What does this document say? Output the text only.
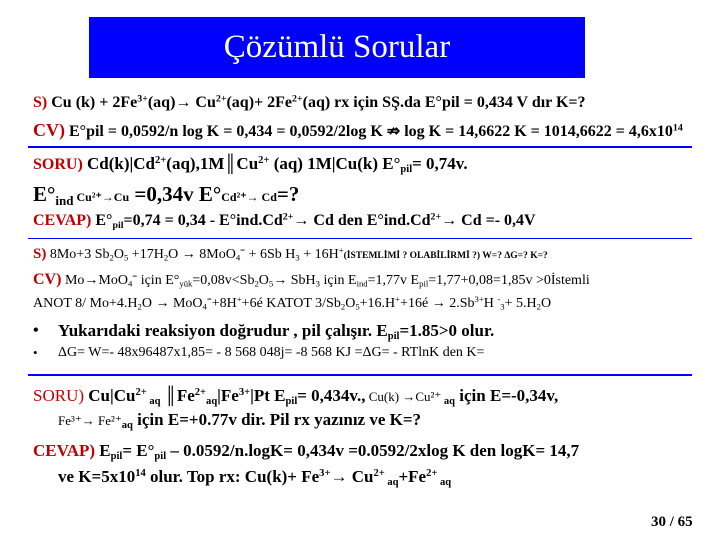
Çözümlü Sorular
S) Cu $(k) + 2Fe^{3+}(aq)\to Cu^{2+}(aq)+ 2Fe^{2+}(aq)$ rx için SŞ.da E°pil = 0,434 V dır K=?
CV) E°pil = 0,0592/n log K = 0,434 = 0,0592/2log K ⇏ log K = 14,6622 $K = 1014,6622 = 4,6x10^{14}$
SORU) $Cd(k)|Cd^{2+}(aq),1M║Cu^{2+}$ (aq) 1M|Cu(k) $E^\circ_{pil}= 0,74v$.
$E^\circ_{ind}$ Cu²⁺→Cu =0,34v E°Cd²⁺→ Cd=?
CEVAP) $E^\circ_{pil}=0,74 = 0,34 - E^\circ ind.Cd^{2+}\to Cd$ den $E^\circ ind.Cd^{2+}\to Cd =- 0,4V$
S) 8Mo+3 $Sb_2O_5 +17H_2O \to 8MoO_4^= + 6Sb$ $H_3$ + 16H+(İSTEMLİMİ ? OLABİLİRMİ ?) W=? ΔG=? K=?
CV) Mo→MoO$_4$= için $E^\circ_{yük}=0,08v<Sb_2O_5\to SbH_3$ için $E_{ind}=1,77v$ $E_{pil}=1,77+0,08=1,85v$ >0İstemli
ANOT 8/ $Mo+4.H_2O$ → MoO$_4$=+8H++6é KATOT $3/Sb_2O_5+16.H^++16é \to 2.Sb^{3+}H$ $^-_3+ 5.H_2O$
• Yukarıdaki reaksiyon doğrudur , pil çalışır. $E_{pil}=1.85>0$ olur.
• ΔG= W=- 48x96487x1,85= - 8 568 048j= -8 568 KJ =ΔG= - RTlnK den K=
SORU) $Cu|Cu^{2+}$ $_{aq}$ $║Fe^{2+}_{aq}|Fe^{3+}|Pt$ $E_{pil}= 0,434v$., Cu(k) →Cu²⁺ $_{aq}$ için E=-0,34v,
$Fe^{3+}\to Fe^{2+}_{aq}$ için E=+0.77v dir. Pil rx yazınız ve K=?
CEVAP) $E_{pil}= E^\circ_{pil} - 0.0592/n.\log K= 0,434v =0.0592/2xlog$ K den logK= 14,7
ve $K=5x10^{14}$ olur. Top rx: $Cu(k)+ Fe^{3+}\to Cu^{2+}$ $_{aq}+Fe^{2+}$ $_{aq}$
30 / 65
